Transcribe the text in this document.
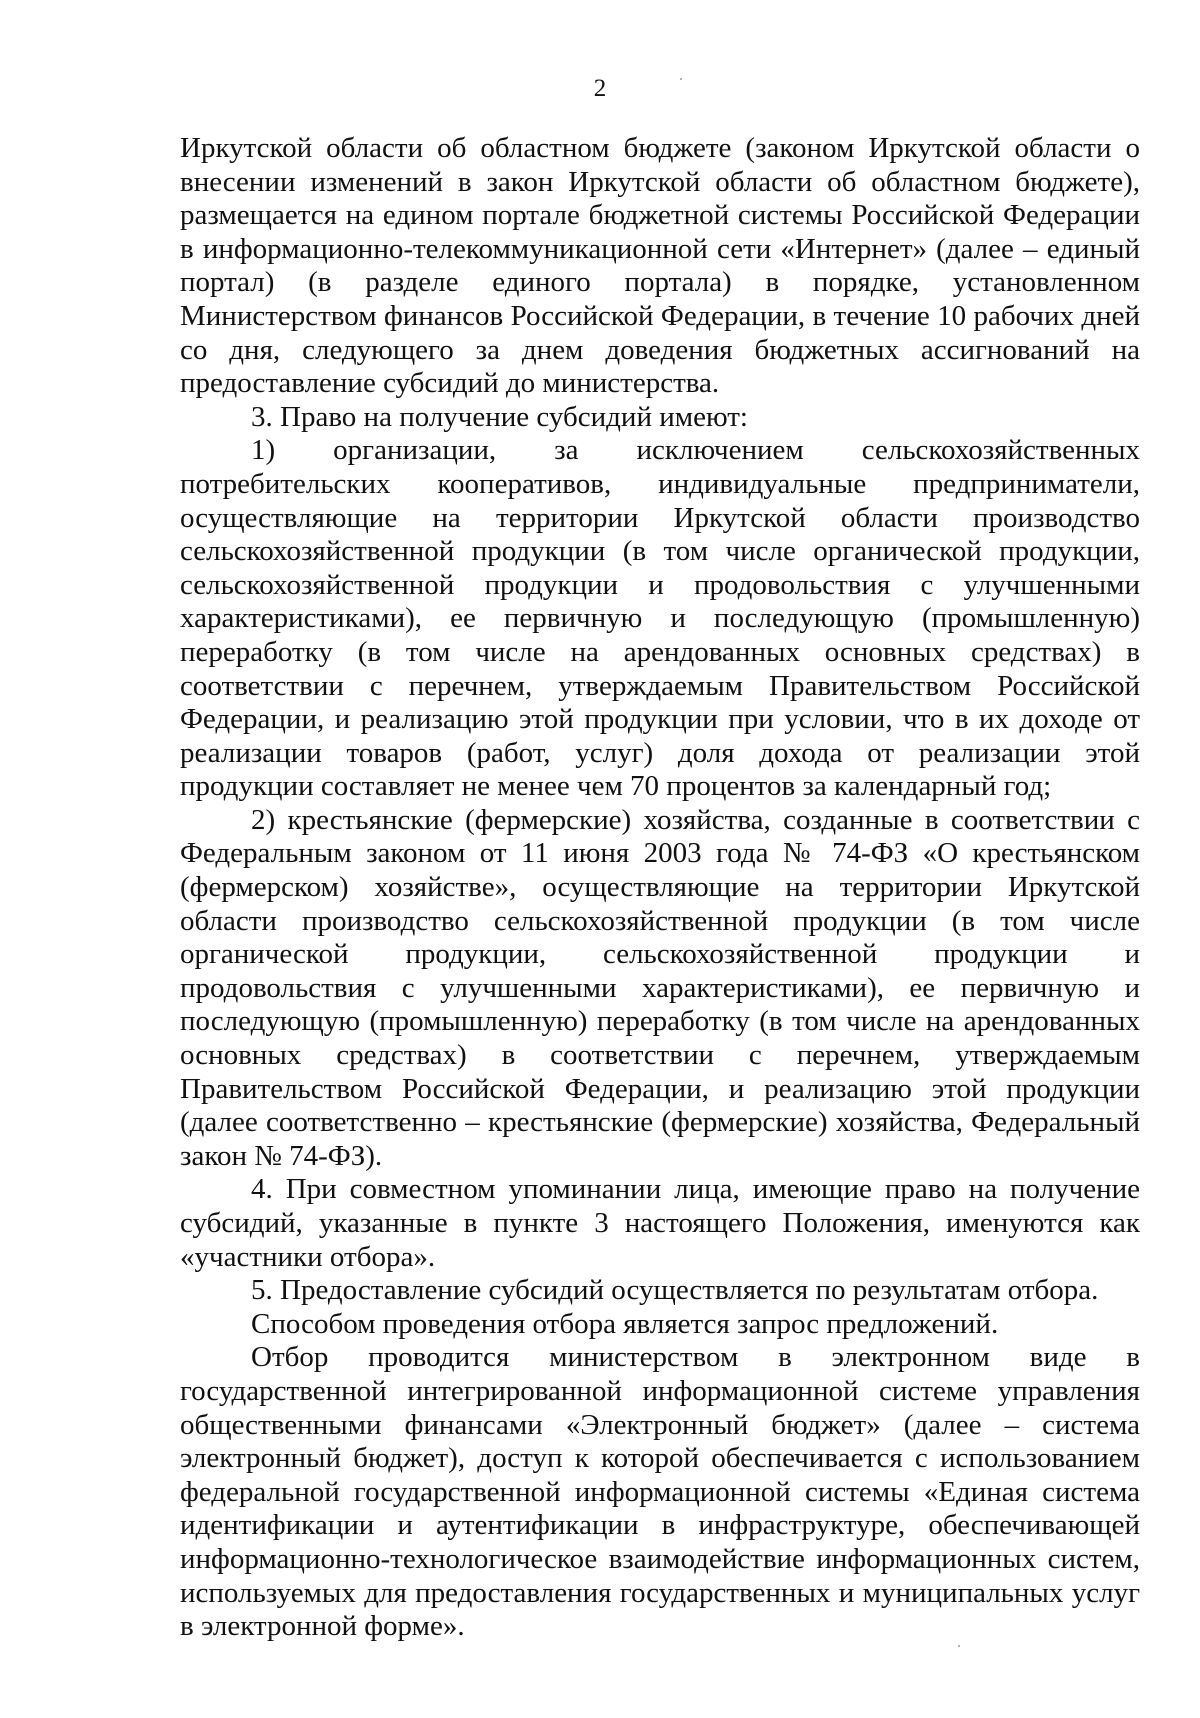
2

Иркутской области об областном бюджете (законом Иркутской области о внесении изменений в закон Иркутской области об областном бюджете), размещается на едином портале бюджетной системы Российской Федерации в информационно-телекоммуникационной сети «Интернет» (далее – единый портал) (в разделе единого портала) в порядке, установленном Министерством финансов Российской Федерации, в течение 10 рабочих дней со дня, следующего за днем доведения бюджетных ассигнований на предоставление субсидий до министерства.

3. Право на получение субсидий имеют:

1) организации, за исключением сельскохозяйственных потребительских кооперативов, индивидуальные предприниматели, осуществляющие на территории Иркутской области производство сельскохозяйственной продукции (в том числе органической продукции, сельскохозяйственной продукции и продовольствия с улучшенными характеристиками), ее первичную и последующую (промышленную) переработку (в том числе на арендованных основных средствах) в соответствии с перечнем, утверждаемым Правительством Российской Федерации, и реализацию этой продукции при условии, что в их доходе от реализации товаров (работ, услуг) доля дохода от реализации этой продукции составляет не менее чем 70 процентов за календарный год;

2) крестьянские (фермерские) хозяйства, созданные в соответствии с Федеральным законом от 11 июня 2003 года № 74-ФЗ «О крестьянском (фермерском) хозяйстве», осуществляющие на территории Иркутской области производство сельскохозяйственной продукции (в том числе органической продукции, сельскохозяйственной продукции и продовольствия с улучшенными характеристиками), ее первичную и последующую (промышленную) переработку (в том числе на арендованных основных средствах) в соответствии с перечнем, утверждаемым Правительством Российской Федерации, и реализацию этой продукции (далее соответственно – крестьянские (фермерские) хозяйства, Федеральный закон № 74-ФЗ).

4. При совместном упоминании лица, имеющие право на получение субсидий, указанные в пункте 3 настоящего Положения, именуются как «участники отбора».

5. Предоставление субсидий осуществляется по результатам отбора.

Способом проведения отбора является запрос предложений.

Отбор проводится министерством в электронном виде в государственной интегрированной информационной системе управления общественными финансами «Электронный бюджет» (далее – система электронный бюджет), доступ к которой обеспечивается с использованием федеральной государственной информационной системы «Единая система идентификации и аутентификации в инфраструктуре, обеспечивающей информационно-технологическое взаимодействие информационных систем, используемых для предоставления государственных и муниципальных услуг в электронной форме».
